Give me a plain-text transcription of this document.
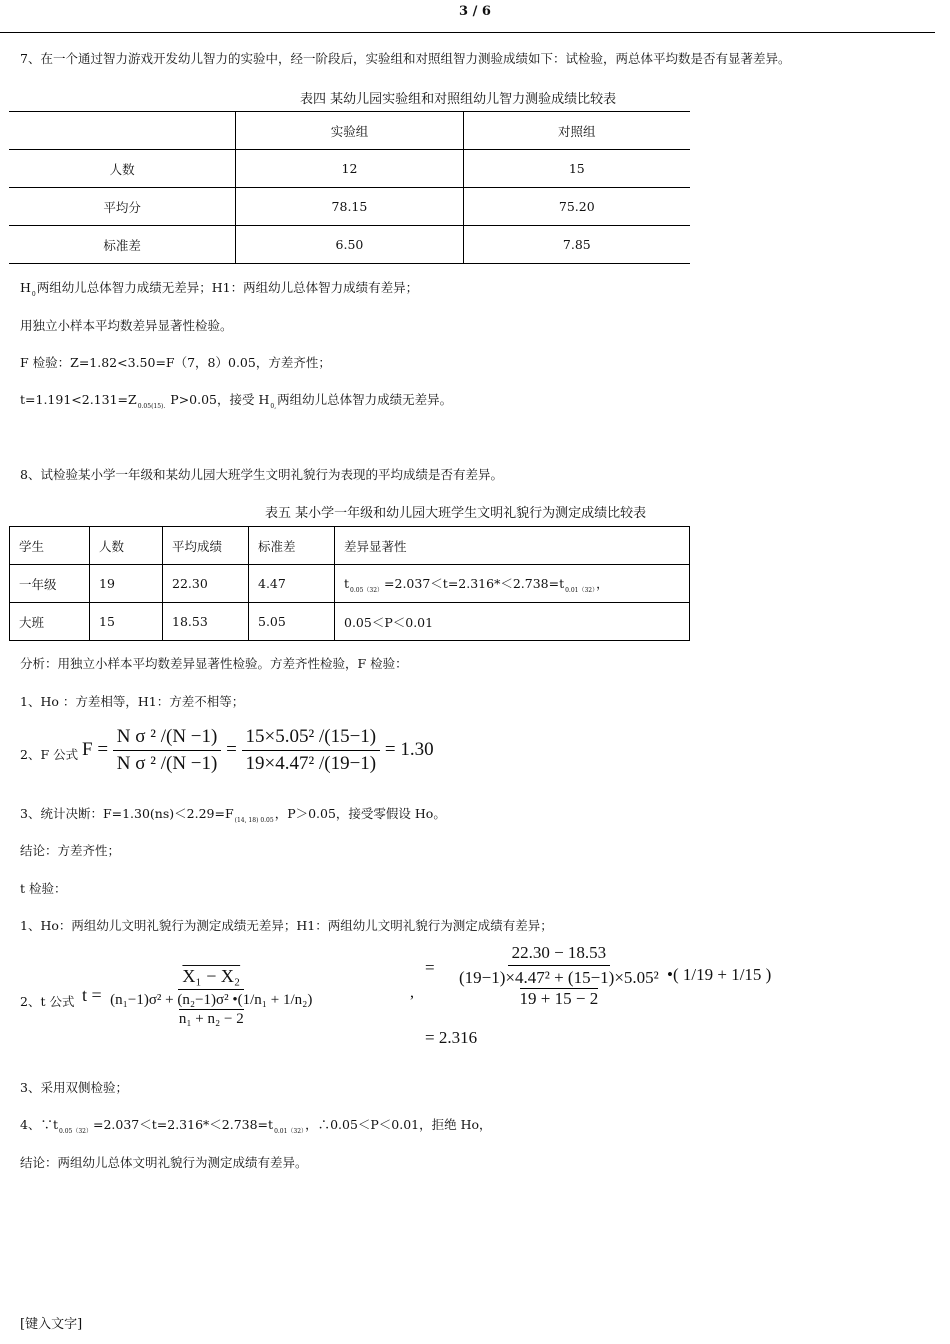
3 / 6
7、在一个通过智力游戏开发幼儿智力的实验中，经一阶段后，实验组和对照组智力测验成绩如下：试检验，两总体平均数是否有显著差异。
表四 某幼儿园实验组和对照组幼儿智力测验成绩比较表
	实验组	对照组
人数	12	15
平均分	78.15	75.20
标准差	6.50	7.85
$H_0$两组幼儿总体智力成绩无差异；H1：两组幼儿总体智力成绩有差异；
用独立小样本平均数差异显著性检验。
F 检验：Z=1.82<3.50=F（7，8）0.05，方差齐性；
$t=1.191<2.131=Z_{0.05(15).}$ P>0.05，接受 $H_{0,}$两组幼儿总体智力成绩无差异。
8、试检验某小学一年级和某幼儿园大班学生文明礼貌行为表现的平均成绩是否有差异。
表五 某小学一年级和幼儿园大班学生文明礼貌行为测定成绩比较表
学生	人数	平均成绩	标准差	差异显著性
一年级	19	22.30	4.47	$t_{0.05(32)}=2.037<t=2.316*<2.738=t_{0.01(32)}$，
大班	15	18.53	5.05	0.05＜P＜0.01
分析：用独立小样本平均数差异显著性检验。方差齐性检验，F 检验：
1、Ho ：方差相等，H1：方差不相等；
2、F 公式 $F = \frac{\text{N σ ² /(N −1)}}{\text{N σ ² /(N −1)}} = \frac{\text{15×5.05² /(15−1)}}{\text{19×4.47² /(19−1)}} = 1.30$
3、统计决断：$F=1.30(ns)<2.29=F_{(14, 18) 0.05}$，P＞0.05，接受零假设 Ho。
结论：方差齐性；
t 检验：
1、Ho：两组幼儿文明礼貌行为测定成绩无差异；H1：两组幼儿文明礼貌行为测定成绩有差异；
2、t 公式 t = X₁ − X₂
(n₁−1)σ² + (n₂−1)σ² •(1/n₁ + 1/n₂)
n₁ + n₂ − 2	,
= 22.30 − 18.53
(19−1)×4.47² + (15−1)×5.05²
19 + 15 − 2 •( 1/19 + 1/15 )
= 2.316
3、采用双侧检验；
4、$\because t_{0.05(32)}=2.037<t=2.316*<2.738=t_{0.01(32)}$，∴0.05＜P＜0.01，拒绝 Ho，
结论：两组幼儿总体文明礼貌行为测定成绩有差异。
[键入文字]
